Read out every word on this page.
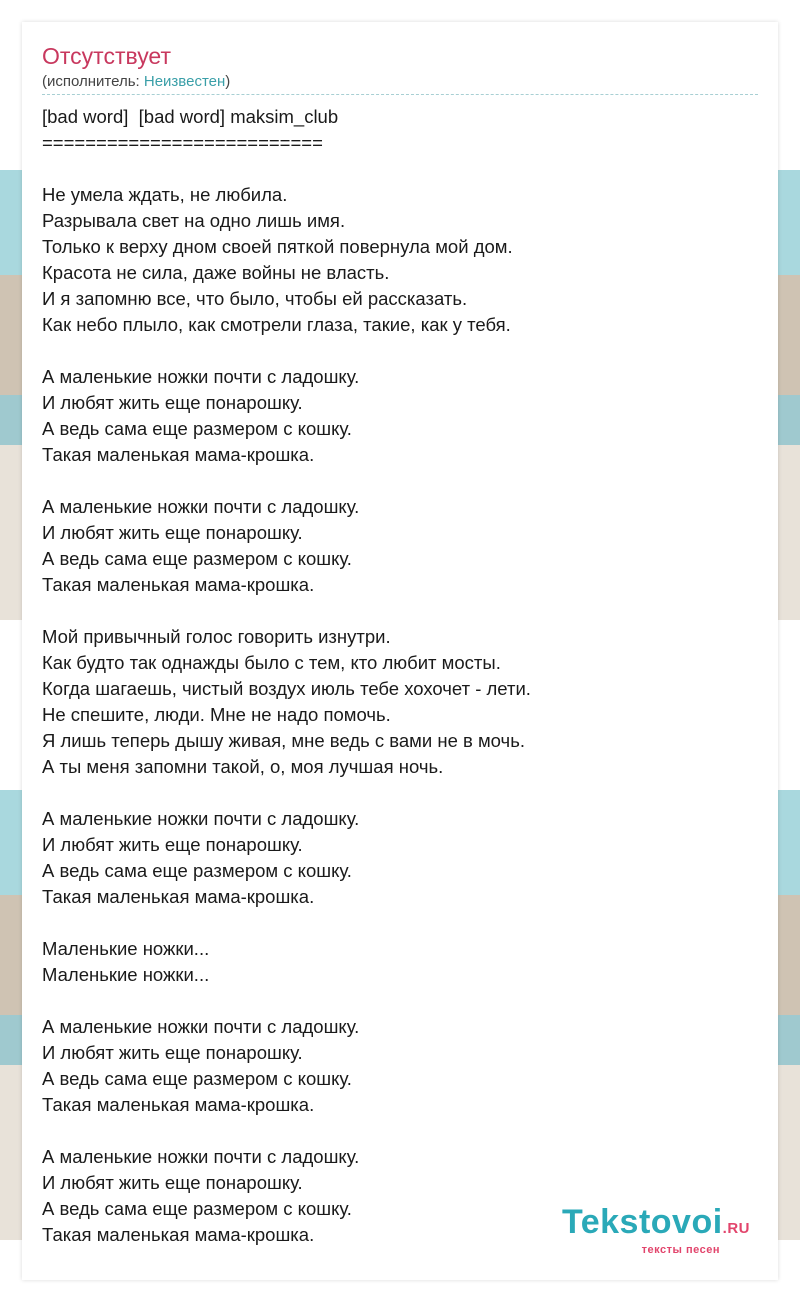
Отсутствует
(исполнитель: Неизвестен)
[bad word]  [bad word] maksim_club
==========================
Не умела ждать, не любила.
Разрывала свет на одно лишь имя.
Только к верху дном своей пяткой повернула мой дом.
Красота не сила, даже войны не власть.
И я запомню все, что было, чтобы ей рассказать.
Как небо плыло, как смотрели глаза, такие, как у тебя.
А маленькие ножки почти с ладошку.
И любят жить еще понарошку.
А ведь сама еще размером с кошку.
Такая маленькая мама-крошка.
А маленькие ножки почти с ладошку.
И любят жить еще понарошку.
А ведь сама еще размером с кошку.
Такая маленькая мама-крошка.
Мой привычный голос говорить изнутри.
Как будто так однажды было с тем, кто любит мосты.
Когда шагаешь, чистый воздух июль тебе хохочет - лети.
Не спешите, люди. Мне не надо помочь.
Я лишь теперь дышу живая, мне ведь с вами не в мочь.
А ты меня запомни такой, о, моя лучшая ночь.
А маленькие ножки почти с ладошку.
И любят жить еще понарошку.
А ведь сама еще размером с кошку.
Такая маленькая мама-крошка.
Маленькие ножки...
Маленькие ножки...
А маленькие ножки почти с ладошку.
И любят жить еще понарошку.
А ведь сама еще размером с кошку.
Такая маленькая мама-крошка.
А маленькие ножки почти с ладошку.
И любят жить еще понарошку.
А ведь сама еще размером с кошку.
Такая маленькая мама-крошка.	Tekstovoi.RU
тексты песен
